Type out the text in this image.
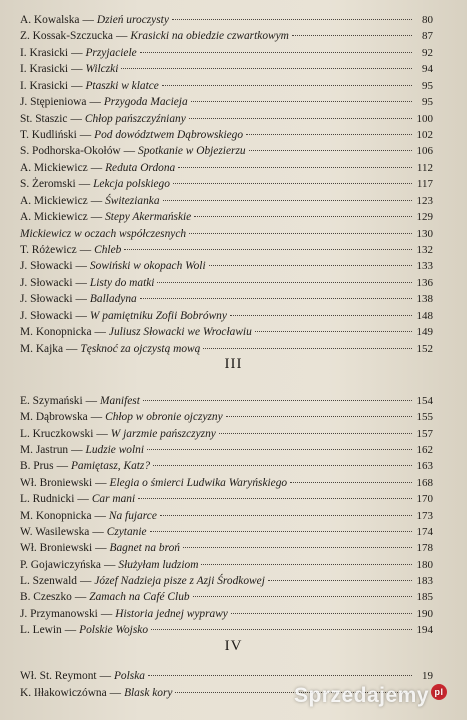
A. Kowalska — Dzień uroczysty	80
Z. Kossak-Szczucka — Krasicki na obiedzie czwartkowym	87
I. Krasicki — Przyjaciele	92
I. Krasicki — Wilczki	94
I. Krasicki — Ptaszki w klatce	95
J. Stępieniowa — Przygoda Macieja	95
St. Staszic — Chłop pańszczyźniany	100
T. Kudliński — Pod dowództwem Dąbrowskiego	102
S. Podhorska-Okołów — Spotkanie w Objezierzu	106
A. Mickiewicz — Reduta Ordona	112
S. Żeromski — Lekcja polskiego	117
A. Mickiewicz — Świtezianka	123
A. Mickiewicz — Stepy Akermańskie	129
Mickiewicz w oczach współczesnych	130
T. Różewicz — Chleb	132
J. Słowacki — Sowiński w okopach Woli	133
J. Słowacki — Listy do matki	136
J. Słowacki — Balladyna	138
J. Słowacki — W pamiętniku Zofii Bobrówny	148
M. Konopnicka — Juliusz Słowacki we Wrocławiu	149
M. Kajka — Tęsknoć za ojczystą mową	152
E. Szymański — Manifest	154
M. Dąbrowska — Chłop w obronie ojczyzny	155
L. Kruczkowski — W jarzmie pańszczyzny	157
M. Jastrun — Ludzie wolni	162
B. Prus — Pamiętasz, Katz?	163
Wł. Broniewski — Elegia o śmierci Ludwika Waryńskiego	168
L. Rudnicki — Car mani	170
M. Konopnicka — Na fujarce	173
W. Wasilewska — Czytanie	174
Wł. Broniewski — Bagnet na broń	178
P. Gojawiczyńska — Służyłam ludziom	180
L. Szenwald — Józef Nadzieja pisze z Azji Środkowej	183
B. Czeszko — Zamach na Café Club	185
J. Przymanowski — Historia jednej wyprawy	190
L. Lewin — Polskie Wojsko	194
Wł. St. Reymont — Polska	19
K. Iłłakowiczówna — Blask kory
III
IV
Sprzedajemy pl
